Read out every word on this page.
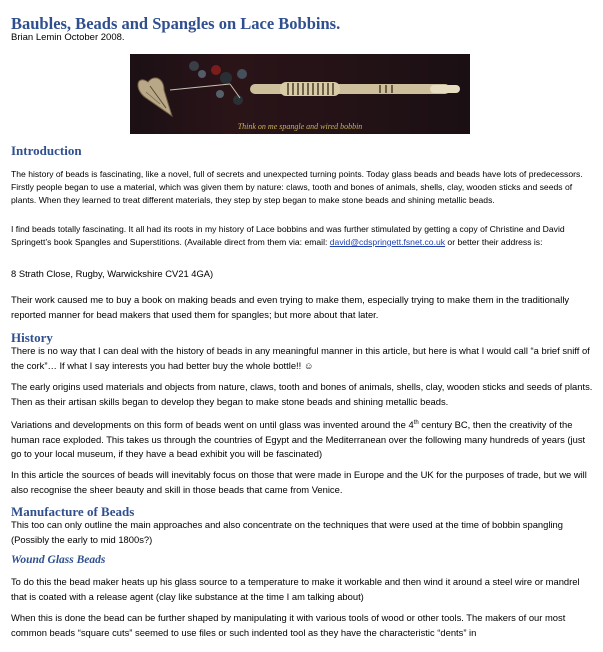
Baubles, Beads and Spangles on Lace Bobbins.
Brian Lemin October 2008.
Think on me spangle and wired bobbin
Introduction
The history of beads is fascinating, like a novel, full of secrets and unexpected turning points. Today glass beads and beads have lots of predecessors. Firstly people began to use a material, which was given them by nature: claws, tooth and bones of animals, shells, clay, wooden sticks and seeds of plants. When they learned to treat different materials, they step by step began to make stone beads and shining metallic beads.
I find beads totally fascinating. It all had its roots in my history of Lace bobbins and was further stimulated by getting a copy of Christine and David Springett’s book Spangles and Superstitions. (Available direct from them via: email: david@cdspringett.fsnet.co.uk or better their address is:
8 Strath Close, Rugby, Warwickshire CV21 4GA)
Their work caused me to buy a book on making beads and even trying to make them, especially trying to make them in the traditionally reported manner for bead makers that used them for spangles; but more about that later.
History
There is no way that I can deal with the history of beads in any meaningful manner in this article, but here is what I would call “a brief sniff of the cork”… If what I say interests you had better buy the whole bottle!! ☺
The early origins used materials and objects from nature, claws, tooth and bones of animals, shells, clay, wooden sticks and seeds of plants. Then as their artisan skills began to develop they began to make stone beads and shining metallic beads.
Variations and developments on this form of beads went on until glass was invented around the 4th century BC, then the creativity of the human race exploded. This takes us through the countries of Egypt and the Mediterranean over the following many hundreds of years (just go to your local museum, if they have a bead exhibit you will be fascinated)
In this article the sources of beads will inevitably focus on those that were made in Europe and the UK for the purposes of trade, but we will also recognise the sheer beauty and skill in those beads that came from Venice.
Manufacture of Beads
This too can only outline the main approaches and also concentrate on the techniques that were used at the time of bobbin spangling (Possibly the early to mid 1800s?)
Wound Glass Beads
To do this the bead maker heats up his glass source to a temperature to make it workable and then wind it around a steel wire or mandrel that is coated with a release agent (clay like substance at the time I am talking about)
When this is done the bead can be further shaped by manipulating it with various tools of wood or other tools. The makers of our most common beads “square cuts” seemed to use files or such indented tool as they have the characteristic “dents” in
